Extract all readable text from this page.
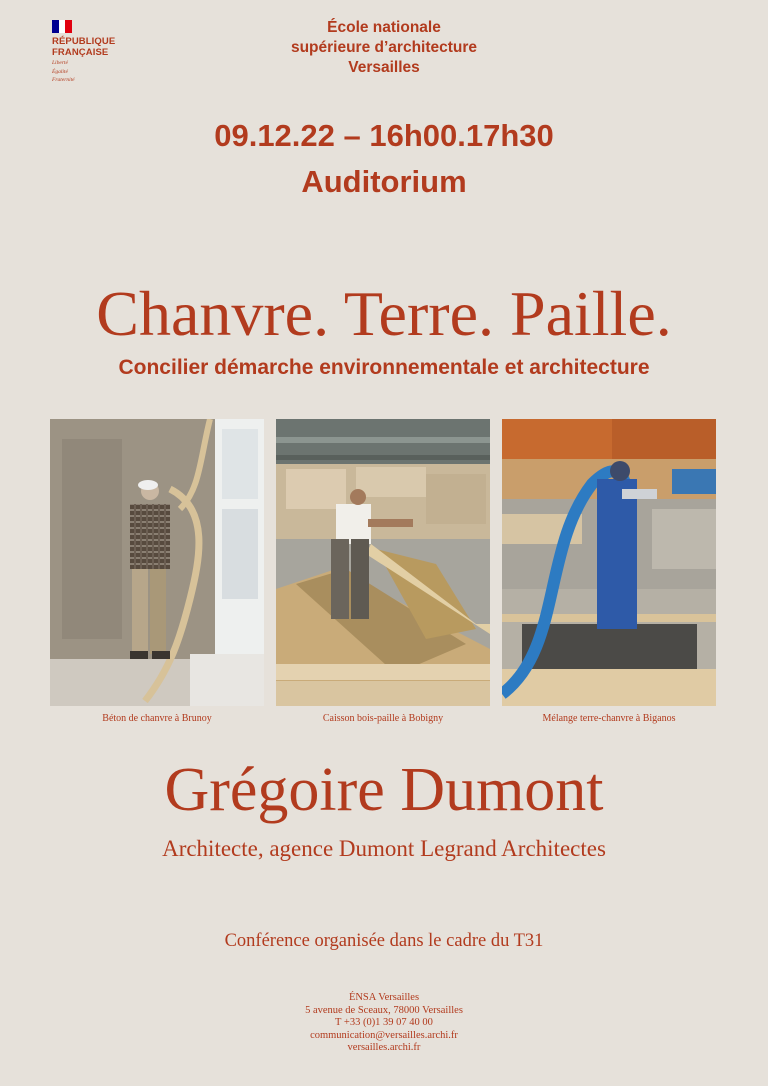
RÉPUBLIQUE
FRANÇAISE
Liberté
Égalité
Fraternité
École nationale
supérieure d’architecture
Versailles
09.12.22 – 16h00.17h30
Auditorium
Chanvre. Terre. Paille.
Concilier démarche environnementale et architecture
Béton de chanvre à Brunoy	Caisson bois-paille à Bobigny	Mélange terre-chanvre à Biganos
Grégoire Dumont
Architecte, agence Dumont Legrand Architectes
Conférence organisée dans le cadre du T31
ÉNSA Versailles
5 avenue de Sceaux, 78000 Versailles
T +33 (0)1 39 07 40 00
communication@versailles.archi.fr
versailles.archi.fr
